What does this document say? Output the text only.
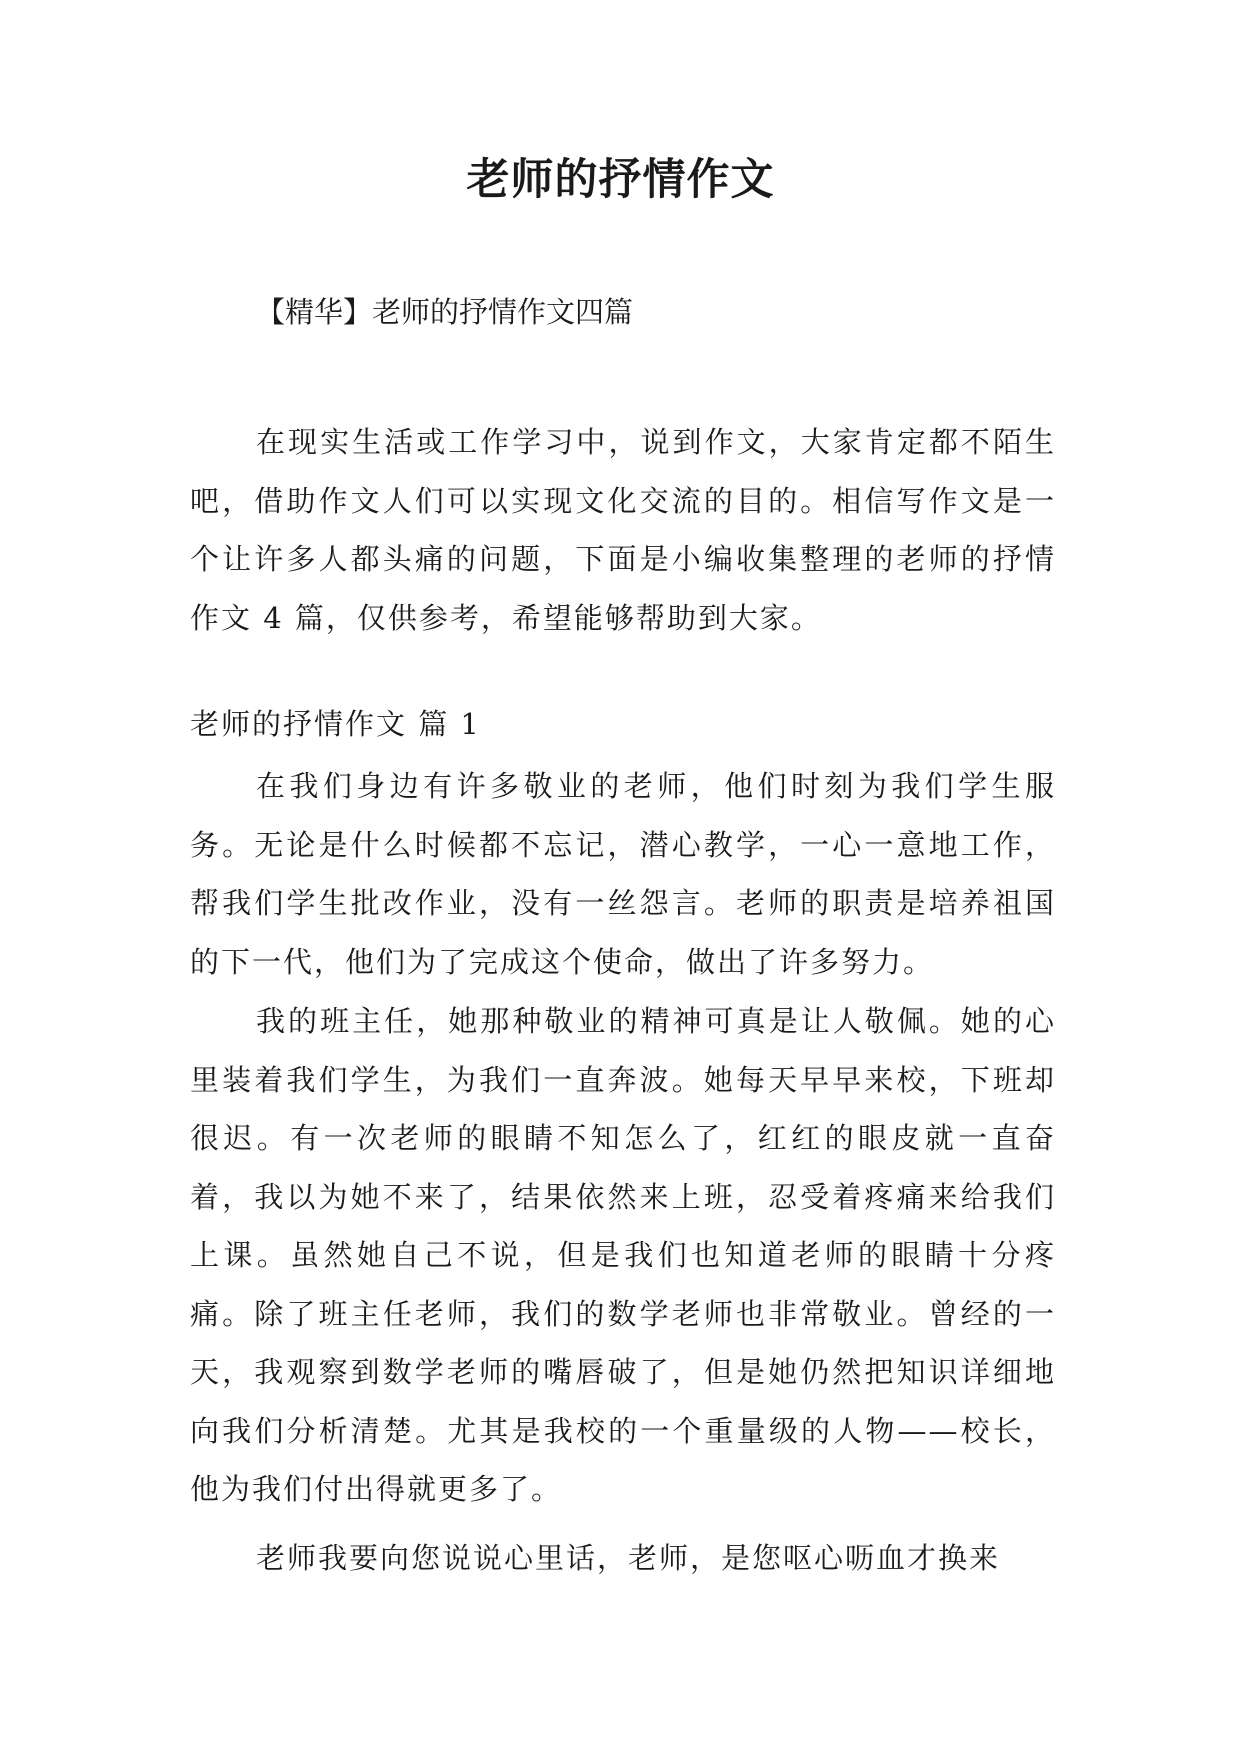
老师的抒情作文
【精华】老师的抒情作文四篇

在现实生活或工作学习中，说到作文，大家肯定都不陌生吧，借助作文人们可以实现文化交流的目的。相信写作文是一个让许多人都头痛的问题，下面是小编收集整理的老师的抒情作文 4 篇，仅供参考，希望能够帮助到大家。

老师的抒情作文 篇 1

在我们身边有许多敬业的老师，他们时刻为我们学生服务。无论是什么时候都不忘记，潜心教学，一心一意地工作，帮我们学生批改作业，没有一丝怨言。老师的职责是培养祖国的下一代，他们为了完成这个使命，做出了许多努力。

我的班主任，她那种敬业的精神可真是让人敬佩。她的心里装着我们学生，为我们一直奔波。她每天早早来校，下班却很迟。有一次老师的眼睛不知怎么了，红红的眼皮就一直奋着，我以为她不来了，结果依然来上班，忍受着疼痛来给我们上课。虽然她自己不说，但是我们也知道老师的眼睛十分疼痛。除了班主任老师，我们的数学老师也非常敬业。曾经的一天，我观察到数学老师的嘴唇破了，但是她仍然把知识详细地向我们分析清楚。尤其是我校的一个重量级的人物——校长，他为我们付出得就更多了。

老师我要向您说说心里话，老师，是您呕心呖血才换来
